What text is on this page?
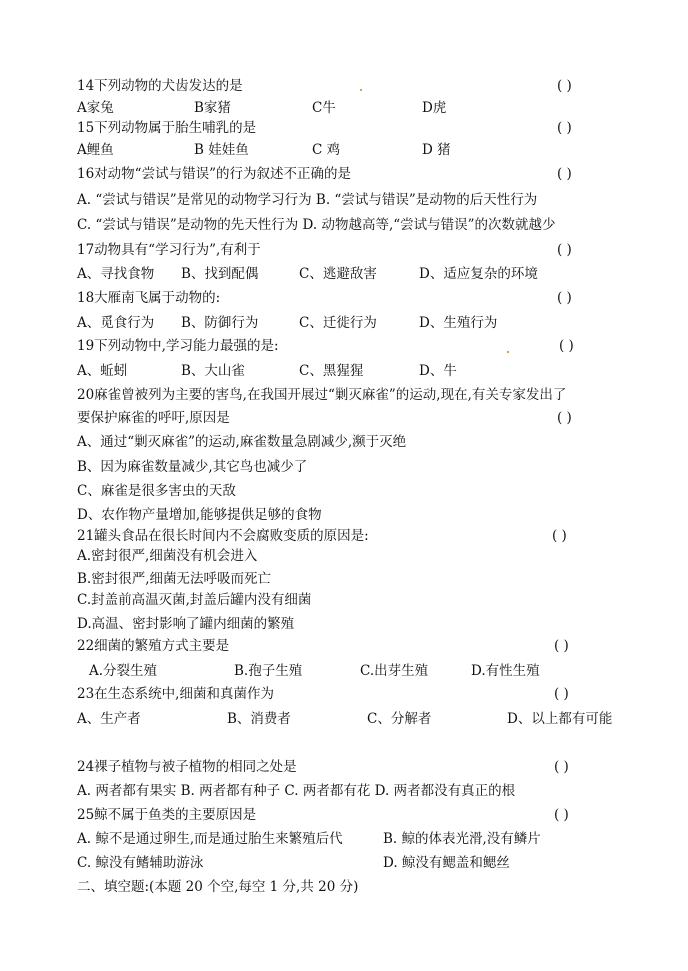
14下列动物的犬齿发达的是	( )
A家兔	B家猪	C牛	D虎
15下列动物属于胎生哺乳的是	( )
A鲤鱼	B 娃娃鱼	C 鸡	D 猪
16对动物“尝试与错误”的行为叙述不正确的是	( )
A. “尝试与错误”是常见的动物学习行为 B. “尝试与错误”是动物的后天性行为
C. “尝试与错误”是动物的先天性行为 D. 动物越高等,“尝试与错误”的次数就越少
17动物具有“学习行为”,有利于	( )
A、寻找食物 B、找到配偶	C、逃避敌害	D、适应复杂的环境
18大雁南飞属于动物的:	( )
A、觅食行为 B、防御行为	C、迁徙行为	D、生殖行为
19下列动物中,学习能力最强的是:	( )
A、蚯蚓	B、大山雀	C、黑猩猩	D、牛
20麻雀曾被列为主要的害鸟,在我国开展过“剿灭麻雀”的运动,现在,有关专家发出了
要保护麻雀的呼吁,原因是	( )
A、通过“剿灭麻雀”的运动,麻雀数量急剧减少,濒于灭绝
B、因为麻雀数量减少,其它鸟也减少了
C、麻雀是很多害虫的天敌
D、农作物产量增加,能够提供足够的食物
21罐头食品在很长时间内不会腐败变质的原因是:	( )
A.密封很严,细菌没有机会进入
B.密封很严,细菌无法呼吸而死亡
C.封盖前高温灭菌,封盖后罐内没有细菌
D.高温、密封影响了罐内细菌的繁殖
22细菌的繁殖方式主要是	( )
A.分裂生殖	B.孢子生殖	C.出芽生殖	D.有性生殖
23在生态系统中,细菌和真菌作为	( )
A、生产者	B、消费者	C、分解者	D、以上都有可能
24裸子植物与被子植物的相同之处是	( )
A. 两者都有果实 B. 两者都有种子 C. 两者都有花 D. 两者都没有真正的根
25鲸不属于鱼类的主要原因是	( )
A. 鲸不是通过卵生,而是通过胎生来繁殖后代	B. 鲸的体表光滑,没有鳞片
C. 鲸没有鳍辅助游泳	D. 鲸没有鳃盖和鳃丝
二、填空题:(本题 20 个空,每空 1 分,共 20 分)
